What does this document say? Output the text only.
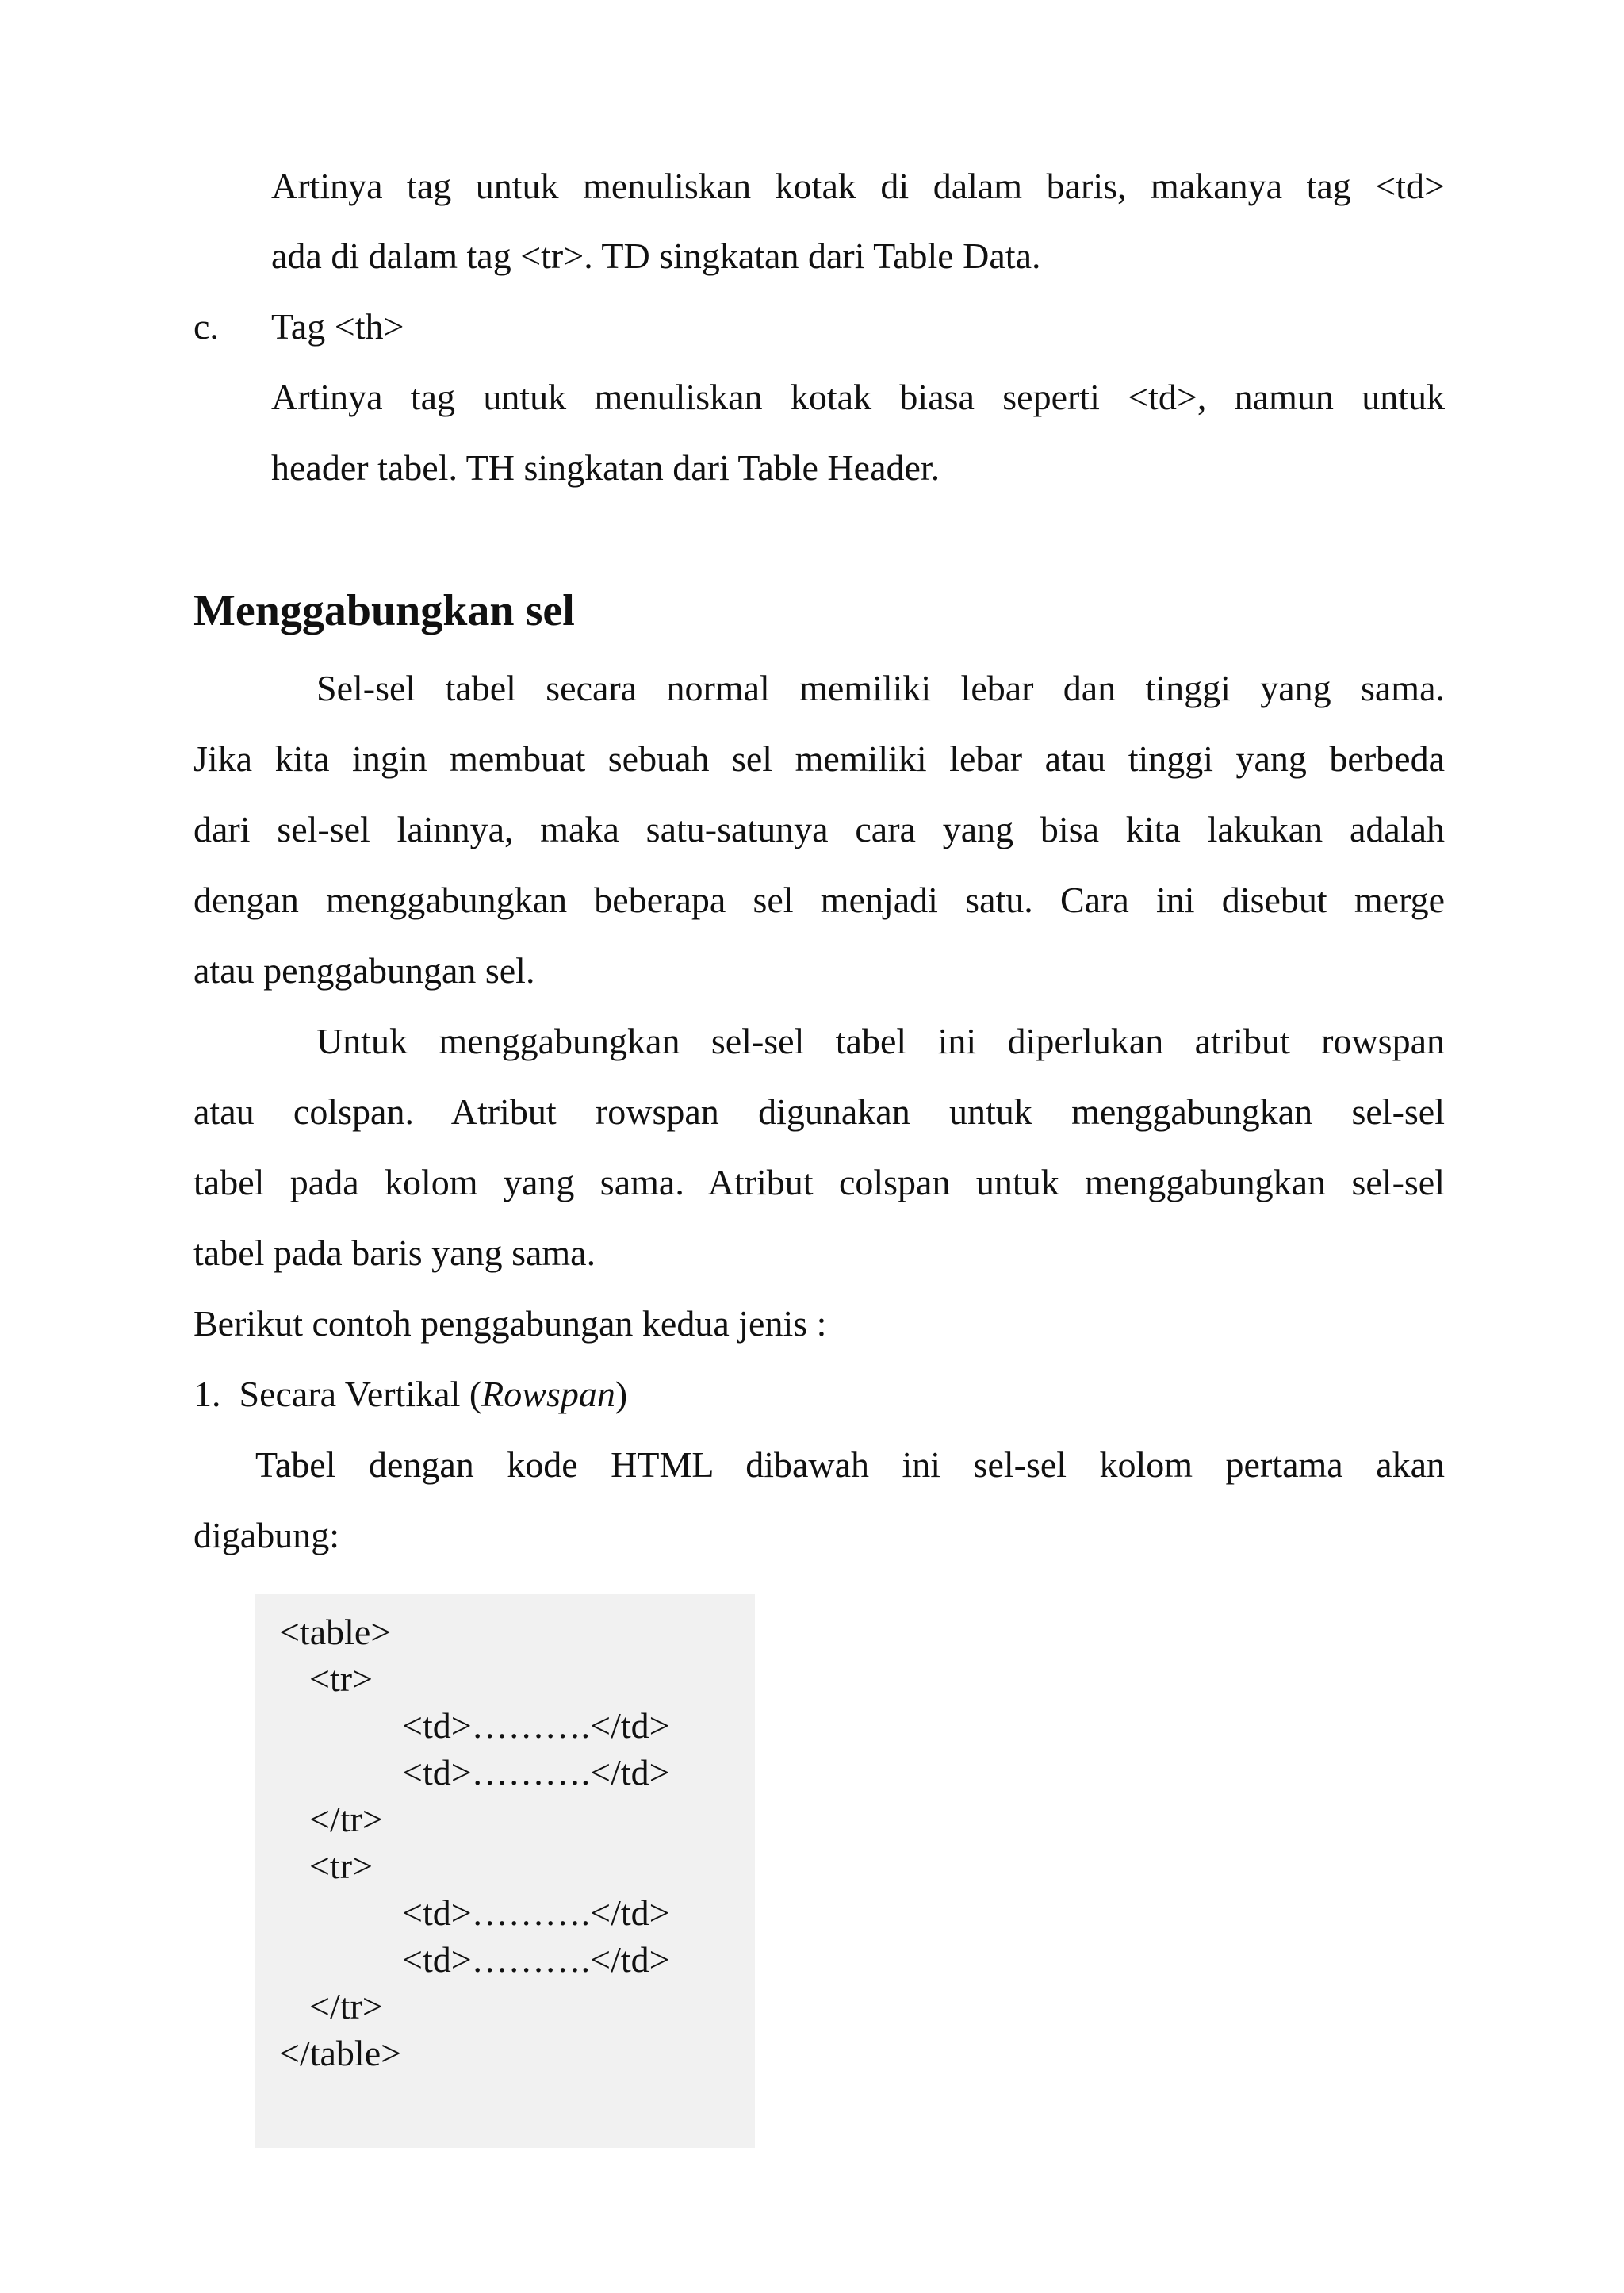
Artinya tag untuk menuliskan kotak di dalam baris, makanya tag <td>
ada di dalam tag <tr>. TD singkatan dari Table Data.
c. Tag <th>
Artinya tag untuk menuliskan kotak biasa seperti <td>, namun untuk
header tabel. TH singkatan dari Table Header.
Menggabungkan sel
Sel-sel tabel secara normal memiliki lebar dan tinggi yang sama.
Jika kita ingin membuat sebuah sel memiliki lebar atau tinggi yang berbeda
dari sel-sel lainnya, maka satu-satunya cara yang bisa kita lakukan adalah
dengan menggabungkan beberapa sel menjadi satu. Cara ini disebut merge
atau penggabungan sel.
Untuk menggabungkan sel-sel tabel ini diperlukan atribut rowspan
atau colspan. Atribut rowspan digunakan untuk menggabungkan sel-sel
tabel pada kolom yang sama. Atribut colspan untuk menggabungkan sel-sel
tabel pada baris yang sama.
Berikut contoh penggabungan kedua jenis :
1.  Secara Vertikal (Rowspan)
Tabel dengan kode HTML dibawah ini sel-sel kolom pertama akan
digabung:
<table>
<tr>
<td>……….</td>
<td>……….</td>
</tr>
<tr>
<td>……….</td>
<td>……….</td>
</tr>
</table>
